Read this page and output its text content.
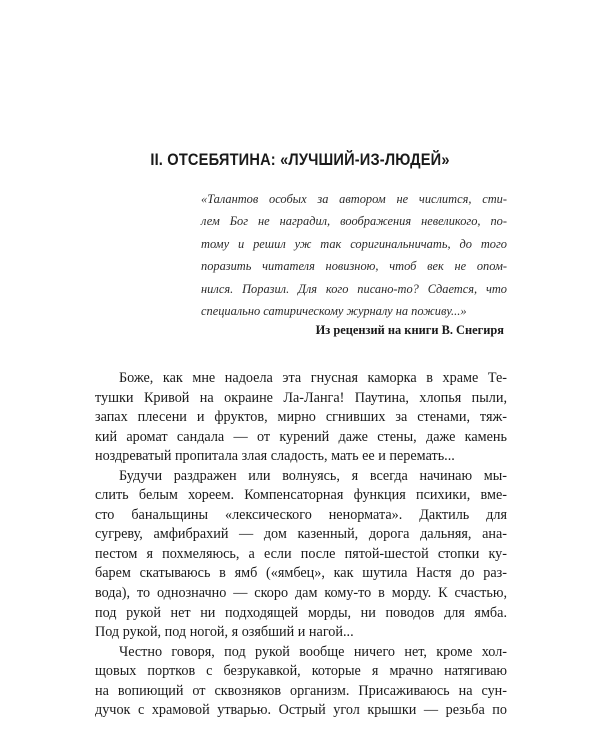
II. ОТСЕБЯТИНА: «ЛУЧШИЙ-ИЗ-ЛЮДЕЙ»
«Талантов особых за автором не числится, сти-
лем Бог не наградил, воображения невеликого, по-
тому и решил уж так соригинальничать, до того
поразить читателя новизною, чтоб век не опом-
нился. Поразил. Для кого писано-то? Сдается, что
специально сатирическому журналу на поживу...»
Из рецензий на книги В. Снегиря
Боже, как мне надоела эта гнусная каморка в храме Те-
тушки Кривой на окраине Ла-Ланга! Паутина, хлопья пыли,
запах плесени и фруктов, мирно сгнивших за стенами, тяж-
кий аромат сандала — от курений даже стены, даже камень
ноздреватый пропитала злая сладость, мать ее и перемать...
Будучи раздражен или волнуясь, я всегда начинаю мы-
слить белым хореем. Компенсаторная функция психики, вме-
сто банальщины «лексического ненормата». Дактиль для
сугреву, амфибрахий — дом казенный, дорога дальняя, ана-
пестом я похмеляюсь, а если после пятой-шестой стопки ку-
барем скатываюсь в ямб («ямбец», как шутила Настя до раз-
вода), то однозначно — скоро дам кому-то в морду. К счастью,
под рукой нет ни подходящей морды, ни поводов для ямба.
Под рукой, под ногой, я озябший и нагой...
Честно говоря, под рукой вообще ничего нет, кроме хол-
щовых портков с безрукавкой, которые я мрачно натягиваю
на вопиющий от сквозняков организм. Присаживаюсь на сун-
дучок с храмовой утварью. Острый угол крышки — резьба по
